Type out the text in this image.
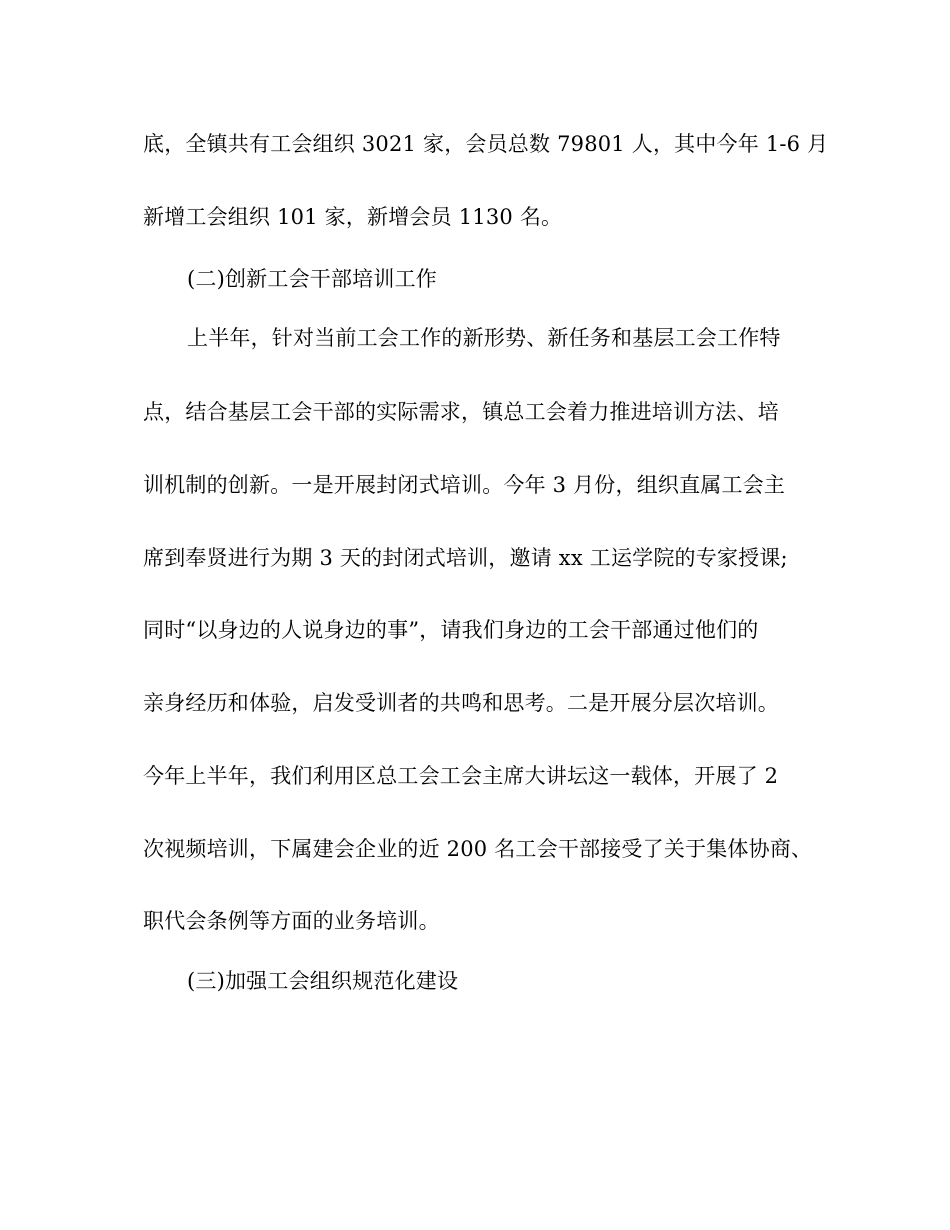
底，全镇共有工会组织 3021 家，会员总数 79801 人，其中今年 1-6 月
新增工会组织 101 家，新增会员 1130 名。
(二)创新工会干部培训工作
上半年，针对当前工会工作的新形势、新任务和基层工会工作特
点，结合基层工会干部的实际需求，镇总工会着力推进培训方法、培
训机制的创新。一是开展封闭式培训。今年 3 月份，组织直属工会主
席到奉贤进行为期 3 天的封闭式培训，邀请 xx 工运学院的专家授课;
同时“以身边的人说身边的事”，请我们身边的工会干部通过他们的
亲身经历和体验，启发受训者的共鸣和思考。二是开展分层次培训。
今年上半年，我们利用区总工会工会主席大讲坛这一载体，开展了 2
次视频培训，下属建会企业的近 200 名工会干部接受了关于集体协商、
职代会条例等方面的业务培训。
(三)加强工会组织规范化建设
